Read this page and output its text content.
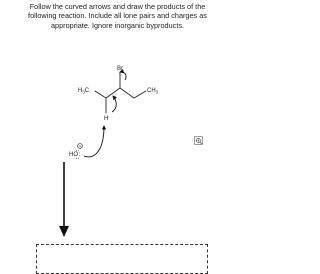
Follow the curved arrows and draw the products of the
following reaction. Include all lone pairs and charges as
appropriate. Ignore inorganic byproducts.

Br
$H_3C$	$CH_3$
H
HO:
